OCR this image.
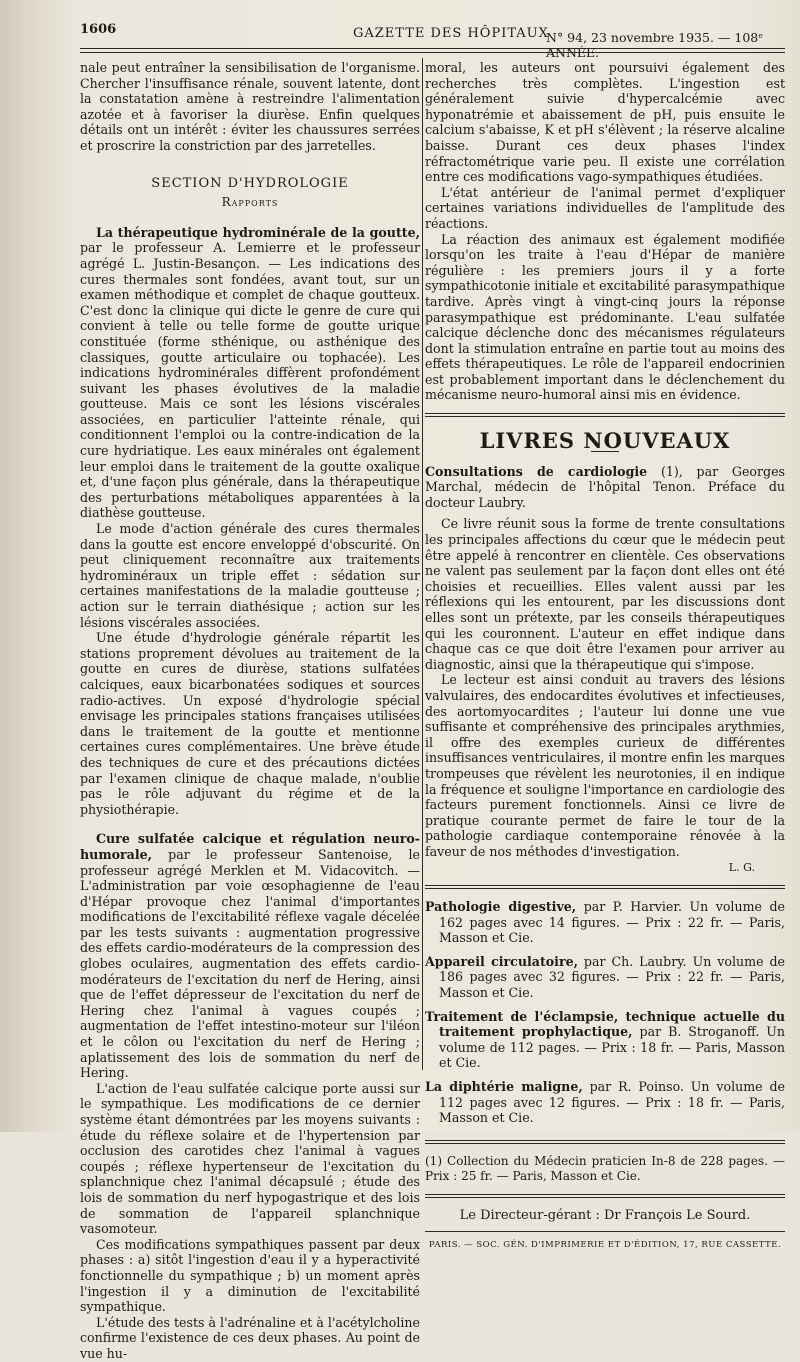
1606	GAZETTE DES HÔPITAUX
N° 94, 23 novembre 1935. — 108ᵉ ANNÉE.

nale peut entraîner la sensibilisation de l'organisme. Chercher l'insuffisance rénale, souvent latente, dont la constatation amène à restreindre l'alimentation azotée et à favoriser la diurèse. Enfin quelques détails ont un intérêt : éviter les chaussures serrées et proscrire la constriction par des jarretelles.

SECTION D'HYDROLOGIE
Rapports

La thérapeutique hydrominérale de la goutte, par le professeur A. Lemierre et le professeur agrégé L. Justin-Besançon. — Les indications des cures thermales sont fondées, avant tout, sur un examen méthodique et complet de chaque goutteux. C'est donc la clinique qui dicte le genre de cure qui convient à telle ou telle forme de goutte urique constituée (forme sthénique, ou asthénique des classiques, goutte articulaire ou tophacée). Les indications hydrominérales diffèrent profondément suivant les phases évolutives de la maladie goutteuse. Mais ce sont les lésions viscérales associées, en particulier l'atteinte rénale, qui conditionnent l'emploi ou la contre-indication de la cure hydriatique. Les eaux minérales ont également leur emploi dans le traitement de la goutte oxalique et, d'une façon plus générale, dans la thérapeutique des perturbations métaboliques apparentées à la diathèse goutteuse.

Le mode d'action générale des cures thermales dans la goutte est encore enveloppé d'obscurité. On peut cliniquement reconnaître aux traitements hydrominéraux un triple effet : sédation sur certaines manifestations de la maladie goutteuse ; action sur le terrain diathésique ; action sur les lésions viscérales associées.

Une étude d'hydrologie générale répartit les stations proprement dévolues au traitement de la goutte en cures de diurèse, stations sulfatées calciques, eaux bicarbonatées sodiques et sources radio-actives. Un exposé d'hydrologie spécial envisage les principales stations françaises utilisées dans le traitement de la goutte et mentionne certaines cures complémentaires. Une brève étude des techniques de cure et des précautions dictées par l'examen clinique de chaque malade, n'oublie pas le rôle adjuvant du régime et de la physiothérapie.

Cure sulfatée calcique et régulation neuro-humorale, par le professeur Santenoise, le professeur agrégé Merklen et M. Vidacovitch. — L'administration par voie œsophagienne de l'eau d'Hépar provoque chez l'animal d'importantes modifications de l'excitabilité réflexe vagale décelée par les tests suivants : augmentation progressive des effets cardio-modérateurs de la compression des globes oculaires, augmentation des effets cardio-modérateurs de l'excitation du nerf de Hering, ainsi que de l'effet dépresseur de l'excitation du nerf de Hering chez l'animal à vagues coupés ; augmentation de l'effet intestino-moteur sur l'iléon et le côlon ou l'excitation du nerf de Hering ; aplatissement des lois de sommation du nerf de Hering.

L'action de l'eau sulfatée calcique porte aussi sur le sympathique. Les modifications de ce dernier système étant démontrées par les moyens suivants : étude du réflexe solaire et de l'hypertension par occlusion des carotides chez l'animal à vagues coupés ; réflexe hypertenseur de l'excitation du splanchnique chez l'animal décapsulé ; étude des lois de sommation du nerf hypogastrique et des lois de sommation de l'appareil splanchnique vasomoteur.

Ces modifications sympathiques passent par deux phases : a) sitôt l'ingestion d'eau il y a hyperactivité fonctionnelle du sympathique ; b) un moment après l'ingestion il y a diminution de l'excitabilité sympathique.

L'étude des tests à l'adrénaline et à l'acétylcholine confirme l'existence de ces deux phases. Au point de vue hu-

moral, les auteurs ont poursuivi également des recherches très complètes. L'ingestion est généralement suivie d'hypercalcémie avec hyponatrémie et abaissement de pH, puis ensuite le calcium s'abaisse, K et pH s'élèvent ; la réserve alcaline baisse. Durant ces deux phases l'index réfractométrique varie peu. Il existe une corrélation entre ces modifications vago-sympathiques étudiées.

L'état antérieur de l'animal permet d'expliquer certaines variations individuelles de l'amplitude des réactions.

La réaction des animaux est également modifiée lorsqu'on les traite à l'eau d'Hépar de manière régulière : les premiers jours il y a forte sympathicotonie initiale et excitabilité parasympathique tardive. Après vingt à vingt-cinq jours la réponse parasympathique est prédominante. L'eau sulfatée calcique déclenche donc des mécanismes régulateurs dont la stimulation entraîne en partie tout au moins des effets thérapeutiques. Le rôle de l'appareil endocrinien est probablement important dans le déclenchement du mécanisme neuro-humoral ainsi mis en évidence.

LIVRES NOUVEAUX

Consultations de cardiologie (1), par Georges Marchal, médecin de l'hôpital Tenon. Préface du docteur Laubry.

Ce livre réunit sous la forme de trente consultations les principales affections du cœur que le médecin peut être appelé à rencontrer en clientèle. Ces observations ne valent pas seulement par la façon dont elles ont été choisies et recueillies. Elles valent aussi par les réflexions qui les entourent, par les discussions dont elles sont un prétexte, par les conseils thérapeutiques qui les couronnent. L'auteur en effet indique dans chaque cas ce que doit être l'examen pour arriver au diagnostic, ainsi que la thérapeutique qui s'impose.

Le lecteur est ainsi conduit au travers des lésions valvulaires, des endocardites évolutives et infectieuses, des aortomyocardites ; l'auteur lui donne une vue suffisante et compréhensive des principales arythmies, il offre des exemples curieux de différentes insuffisances ventriculaires, il montre enfin les marques trompeuses que révèlent les neurotonies, il en indique la fréquence et souligne l'importance en cardiologie des facteurs purement fonctionnels. Ainsi ce livre de pratique courante permet de faire le tour de la pathologie cardiaque contemporaine rénovée à la faveur de nos méthodes d'investigation.

L. G.

Pathologie digestive, par P. Harvier. Un volume de 162 pages avec 14 figures. — Prix : 22 fr. — Paris, Masson et Cie.

Appareil circulatoire, par Ch. Laubry. Un volume de 186 pages avec 32 figures. — Prix : 22 fr. — Paris, Masson et Cie.

Traitement de l'éclampsie, technique actuelle du traitement prophylactique, par B. Stroganoff. Un volume de 112 pages. — Prix : 18 fr. — Paris, Masson et Cie.

La diphtérie maligne, par R. Poinso. Un volume de 112 pages avec 12 figures. — Prix : 18 fr. — Paris, Masson et Cie.

(1) Collection du Médecin praticien In-8 de 228 pages. — Prix : 25 fr. — Paris, Masson et Cie.
Le Directeur-gérant : Dr François Le Sourd.
PARIS. — SOC. GÉN. D'IMPRIMERIE ET D'ÉDITION, 17, RUE CASSETTE.
